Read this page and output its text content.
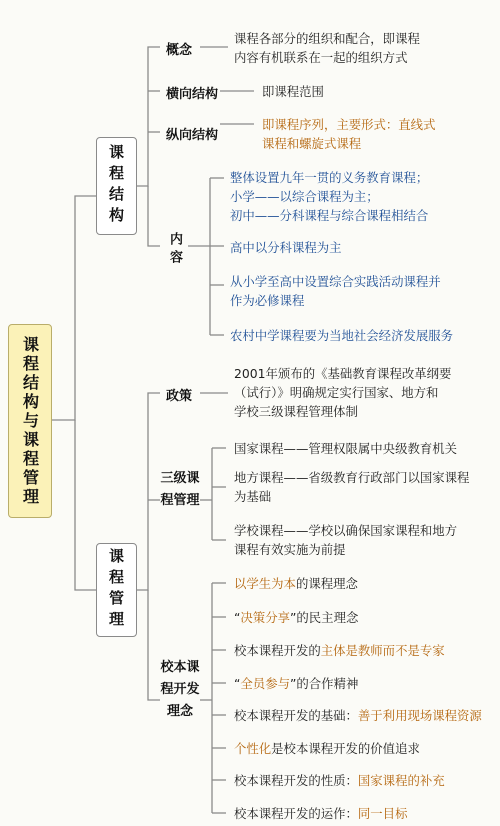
课程结构与课程管理
课程结构
课程管理
概念
横向结构
纵向结构
内容
课程各部分的组织和配合，即课程
内容有机联系在一起的组织方式
即课程范围
即课程序列，主要形式：直线式
课程和螺旋式课程
整体设置九年一贯的义务教育课程；
小学——以综合课程为主；
初中——分科课程与综合课程相结合
高中以分科课程为主
从小学至高中设置综合实践活动课程并
作为必修课程
农村中学课程要为当地社会经济发展服务
政策
三级课程管理
校本课程开发理念
2001年颁布的《基础教育课程改革纲要
（试行）》明确规定实行国家、地方和
学校三级课程管理体制
国家课程——管理权限属中央级教育机关
地方课程——省级教育行政部门以国家课程
为基础
学校课程——学校以确保国家课程和地方
课程有效实施为前提
以学生为本的课程理念
“决策分享”的民主理念
校本课程开发的主体是教师而不是专家
“全员参与”的合作精神
校本课程开发的基础：善于利用现场课程资源
个性化是校本课程开发的价值追求
校本课程开发的性质：国家课程的补充
校本课程开发的运作：同一目标
